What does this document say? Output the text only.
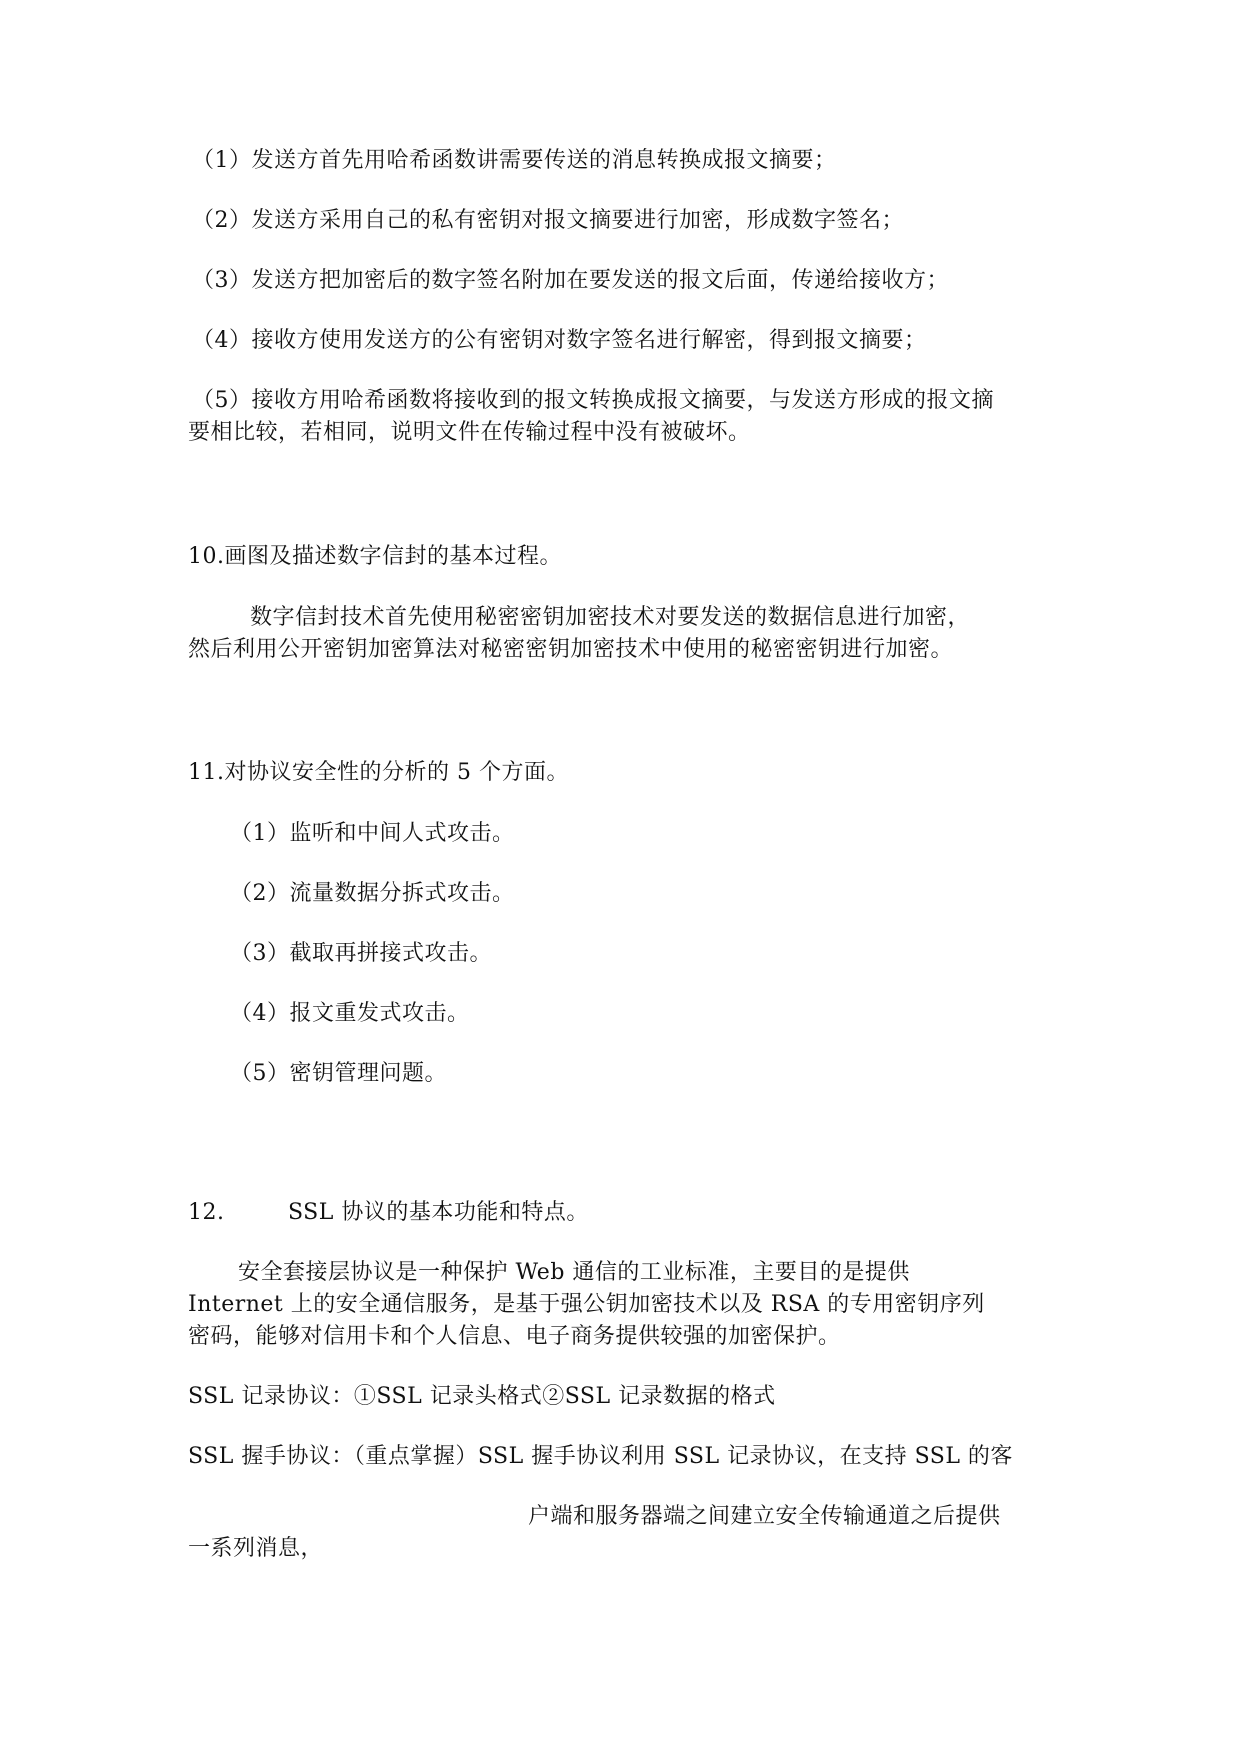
（1）发送方首先用哈希函数讲需要传送的消息转换成报文摘要；
（2）发送方采用自己的私有密钥对报文摘要进行加密，形成数字签名；
（3）发送方把加密后的数字签名附加在要发送的报文后面，传递给接收方；
（4）接收方使用发送方的公有密钥对数字签名进行解密，得到报文摘要；
（5）接收方用哈希函数将接收到的报文转换成报文摘要，与发送方形成的报文摘
要相比较，若相同，说明文件在传输过程中没有被破坏。
10.画图及描述数字信封的基本过程。
数字信封技术首先使用秘密密钥加密技术对要发送的数据信息进行加密，
然后利用公开密钥加密算法对秘密密钥加密技术中使用的秘密密钥进行加密。
11.对协议安全性的分析的 5 个方面。
（1）监听和中间人式攻击。
（2）流量数据分拆式攻击。
（3）截取再拼接式攻击。
（4）报文重发式攻击。
（5）密钥管理问题。
12.	SSL 协议的基本功能和特点。
安全套接层协议是一种保护 Web 通信的工业标准，主要目的是提供
Internet 上的安全通信服务，是基于强公钥加密技术以及 RSA 的专用密钥序列
密码，能够对信用卡和个人信息、电子商务提供较强的加密保护。
SSL 记录协议：①SSL 记录头格式②SSL 记录数据的格式
SSL 握手协议：（重点掌握）SSL 握手协议利用 SSL 记录协议，在支持 SSL 的客
户端和服务器端之间建立安全传输通道之后提供
一系列消息，
